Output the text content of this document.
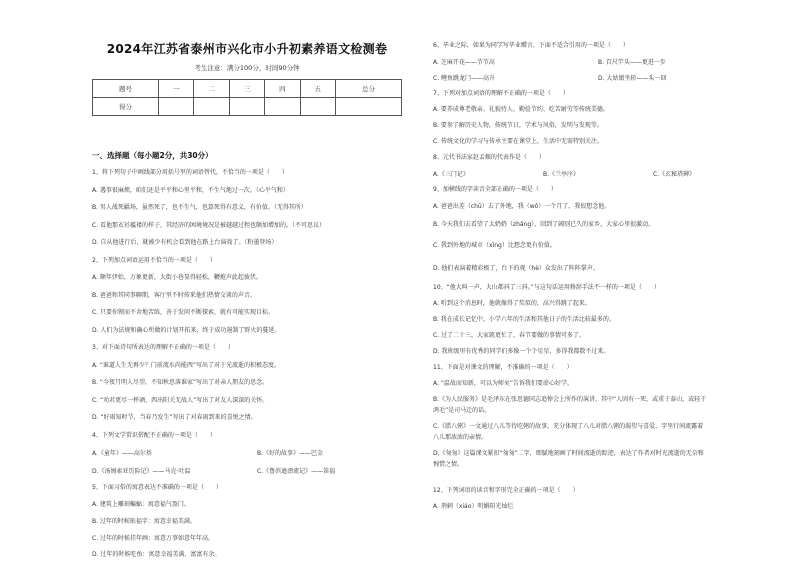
2024年江苏省泰州市兴化市小升初素养语文检测卷
考生注意：满分100分，时间90分钟
题号	一	二	三	四	五	总分
得分						
一、选择题（每小题2分，共30分）
1、将下列句子中画线部分用括号里的词语替代，不恰当的一项是（　　）
A. 遇事很麻烦，咱们还是平平和心里平和，不生气地过一次。（心平气和）
B. 男人战死疆场，虽然死了，也不生气，也算死得有意义，有价值。（无得其所）
C. 看他那衣衫褴褛的样子，其经济的困境境况是被越越过程也颇加增加的。（不可思议）
D. 自从他进行后，就被少有机会看到他在路上台演戏了。（粉墨登场）
2、下列加点词语运用不恰当的一项是（　　）
A. 颇年伊始，万象更新，大街小巷显得轻松，鞭炮声此起彼伏。
B. 爸爸和其同事聊期，客厅里不时传来他们热情交谈的声音。
C. 只要你锲而不舍地苦练，善于发问不断探索，就有可能实现目标。
D. 人们为法规和确心所做的计划开拓来，终于成功遏制了野火的蔓延。
3、对下面诗句所表达的理解不正确的一项是（　　）
A. “谁道人生无再少？门前流水尚能西”写出了对于光流逝的积极态度。
B. “今夜月明人尽望，不知秋思落谁家”写出了对亲人朋友的思念。
C. “劝君更尽一杯酒，西出阳关无故人”写出了对友人深深的关怀。
D. “好雨知时节，当春乃发生”写出了对春雨到来的喜悦之情。
4、下列文学常识搭配不正确的一项是（　　）
A.《童年》——高尔基	B.《好的故事》——巴金
D.《汤姆索亚历险记》——马克·吐温	C.《鲁滨逊漂流记》——笛福
5、下面习俗的寓意表达不准确的一项是（　　）
A. 建筑上雕刻蝙蝠：寓意福气盈门。
B. 过年的时候贴福字：寓意幸福美满。
C. 过年的时候挂年画：寓意万事如意年年高。
D. 过年的时候吃鱼：寓意幸福美满，富富有余。
6、毕业之际，如果为同学写毕业赠言，下面不适合引用的一项是（　　）
A. 芝麻开花——节节高	B. 百尺竿头——更进一步
C. 鲤鱼跳龙门——高升	D. 大姑娘坐轿——头一回
7、下列对加点词语的理解不正确的一项是（　　）
A. 要养成尊老敬亲、礼貌待人、勤俭节约、吃苦耐劳等传统美德。
B. 要参了解历史人物，传统节日，学术与风俗，发明与发现等。
C. 传统文化的学习与传承主要在课堂上，生活中无需特别关注。
8、元代书法家赵孟頫的代表作是（　　）
A.《三门记》	B.《兰亭序》	C.《玄秘塔碑》
9、加横线的字读音全部正确的一项是（　　）
A. 爸爸出差（chū）去了外地，我（wǒ）一个月了，我很想念他。
B. 今天我们去看望了太奶奶（zhǎng），回到了阔别已久的家乡，大家心里很激动。
C. 我到外地的城市（xīng）比想念更有价值。
D. 他们表演着精彩极了，台下的观（hè）众发出了阵阵掌声。
10、“他大叫一声，大山都抖了三抖。”与这句话运用修辞手法不一样的一项是（　　）
A. 听到这个消息时，他就像得了奖似的，高兴得跳了起来。
B. 我在成长记忆中，小学六年的生活和其他日子的生活比较最多的。
C. 过了二十三，大家就更忙了，春节要做的事情可多了。
D. 我班级里有优秀的同学们多像一个个星星，多得我都数不过来。
11、下面是对课文的理解，不准确的一项是（　　）
A. “温故而知新，可以为师矣”告诉我们要虚心好学。
B.《为人民服务》是毛泽东在张思德同志追悼会上所作的演讲，其中“人固有一死，或重于泰山，或轻于
鸿毛”是司马迁的话。
C.《腊八粥》一文通过八儿等待吃粥的故事，充分体现了八儿对腊八粥的渴望与喜爱，字里行间流露着
八儿那浓浓的亲情。
D.《匆匆》这篇课文紧扣“匆匆”二字，细腻地刻画了时间流逝的踪迹，表达了作者对时光流逝的无奈和
惋惜之情。
12、下列词语的读音和字形完全正确的一项是（　　）
A. 荆刺（xiáo）明媚阳光灿烂
